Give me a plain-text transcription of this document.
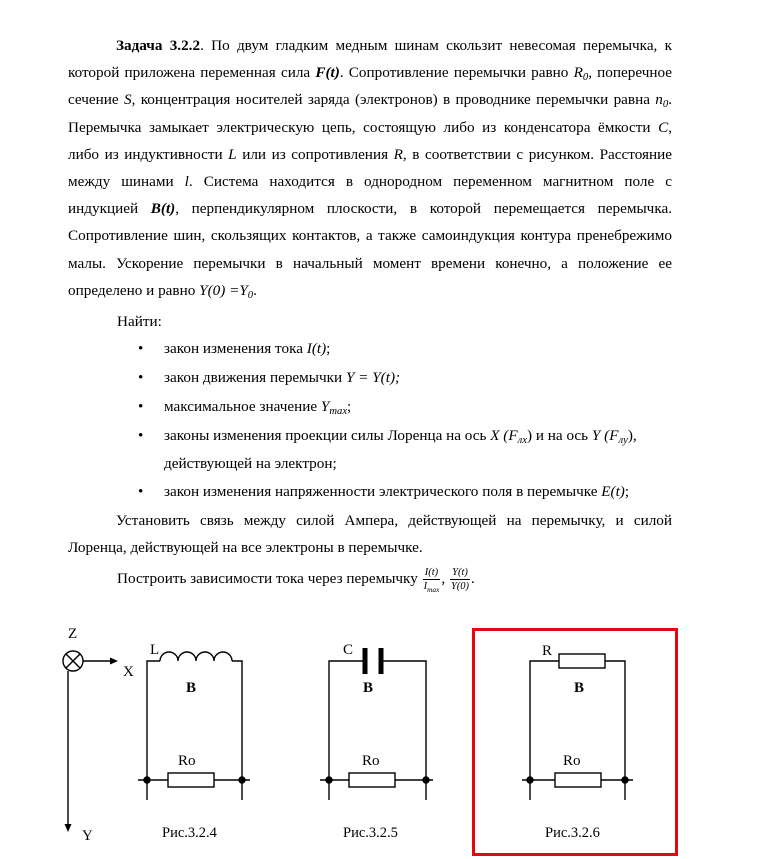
Задача 3.2.2. По двум гладким медным шинам скользит невесомая перемычка, к которой приложена переменная сила F(t). Сопротивление перемычки равно $R_0$, поперечное сечение S, концентрация носителей заряда (электронов) в проводнике перемычки равна $n_0$. Перемычка замыкает электрическую цепь, состоящую либо из конденсатора ёмкости C, либо из индуктивности L или из сопротивления R, в соответствии с рисунком. Расстояние между шинами l. Система находится в однородном переменном магнитном поле с индукцией B(t), перпендикулярном плоскости, в которой перемещается перемычка. Сопротивление шин, скользящих контактов, а также самоиндукция контура пренебрежимо малы. Ускорение перемычки в начальный момент времени конечно, а положение ее определено и равно $Y(0) =Y_0$.
Найти:
• закон изменения тока I(t);
• закон движения перемычки Y = Y(t);
• максимальное значение $Y_{max}$;
• законы изменения проекции силы Лоренца на ось X $(F_{лх})$ и на ось Y $(F_{лy})$,
действующей на электрон;
• закон изменения напряженности электрического поля в перемычке E(t);
Установить связь между силой Ампера, действующей на перемычку, и силой Лоренца, действующей на все электроны в перемычке.
Построить зависимости тока через перемычку $\frac{I(t)}{I_{max}}$ , $\frac{Y(t)}{Y(0)}$ .
Z
X
Y
L
B
Ro
C
B
Ro
R
B
Ro
Рис.3.2.4	Рис.3.2.5	Рис.3.2.6
